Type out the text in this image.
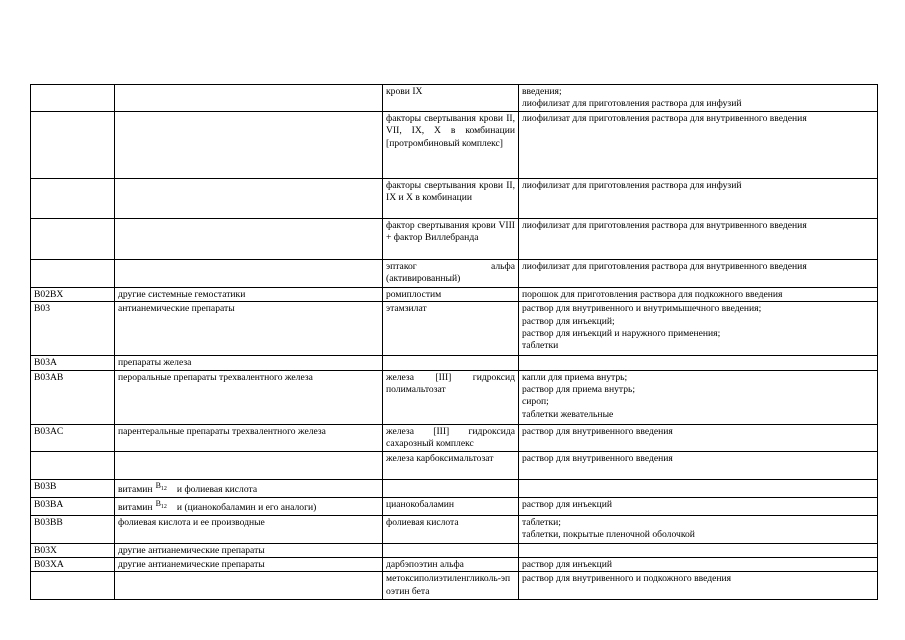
		крови IX	введения;
лиофилизат для приготовления раствора для инфузий

		факторы свертывания крови II, VII, IX, X в комбинации [протромбиновый комплекс]	лиофилизат для приготовления раствора для внутривенного введения

		факторы свертывания крови II, IX и X в комбинации	лиофилизат для приготовления раствора для инфузий

		фактор свертывания крови VIII + фактор Виллебранда	лиофилизат для приготовления раствора для внутривенного введения

		эптаког альфа (активированный)	лиофилизат для приготовления раствора для внутривенного введения

B02BX	другие системные гемостатики	ромиплостим	порошок для приготовления раствора для подкожного введения

B03	антианемические препараты	этамзилат	раствор для внутривенного и внутримышечного введения;
раствор для инъекций;
раствор для инъекций и наружного применения;
таблетки

B03A	препараты железа		
B03AB	пероральные препараты трехвалентного железа	железа [III] гидроксид полимальтозат	капли для приема внутрь;
раствор для приема внутрь;
сироп;
таблетки жевательные

B03AC	парентеральные препараты трехвалентного железа	железа [III] гидроксида сахарозный комплекс	раствор для внутривенного введения

		железа карбоксимальтозат	раствор для внутривенного введения

B03B	витамин $B_{12}$ и фолиевая кислота		
B03BA	витамин $B_{12}$ и (цианокобаламин и его аналоги)	цианокобаламин	раствор для инъекций

B03BB	фолиевая кислота и ее производные	фолиевая кислота	таблетки;
таблетки, покрытые пленочной оболочкой

B03X	другие антианемические препараты		
B03XA	другие антианемические препараты	дарбэпоэтин альфа	раствор для инъекций

		метоксиполиэтиленгликоль-эпоэтин бета	раствор для внутривенного и подкожного введения
